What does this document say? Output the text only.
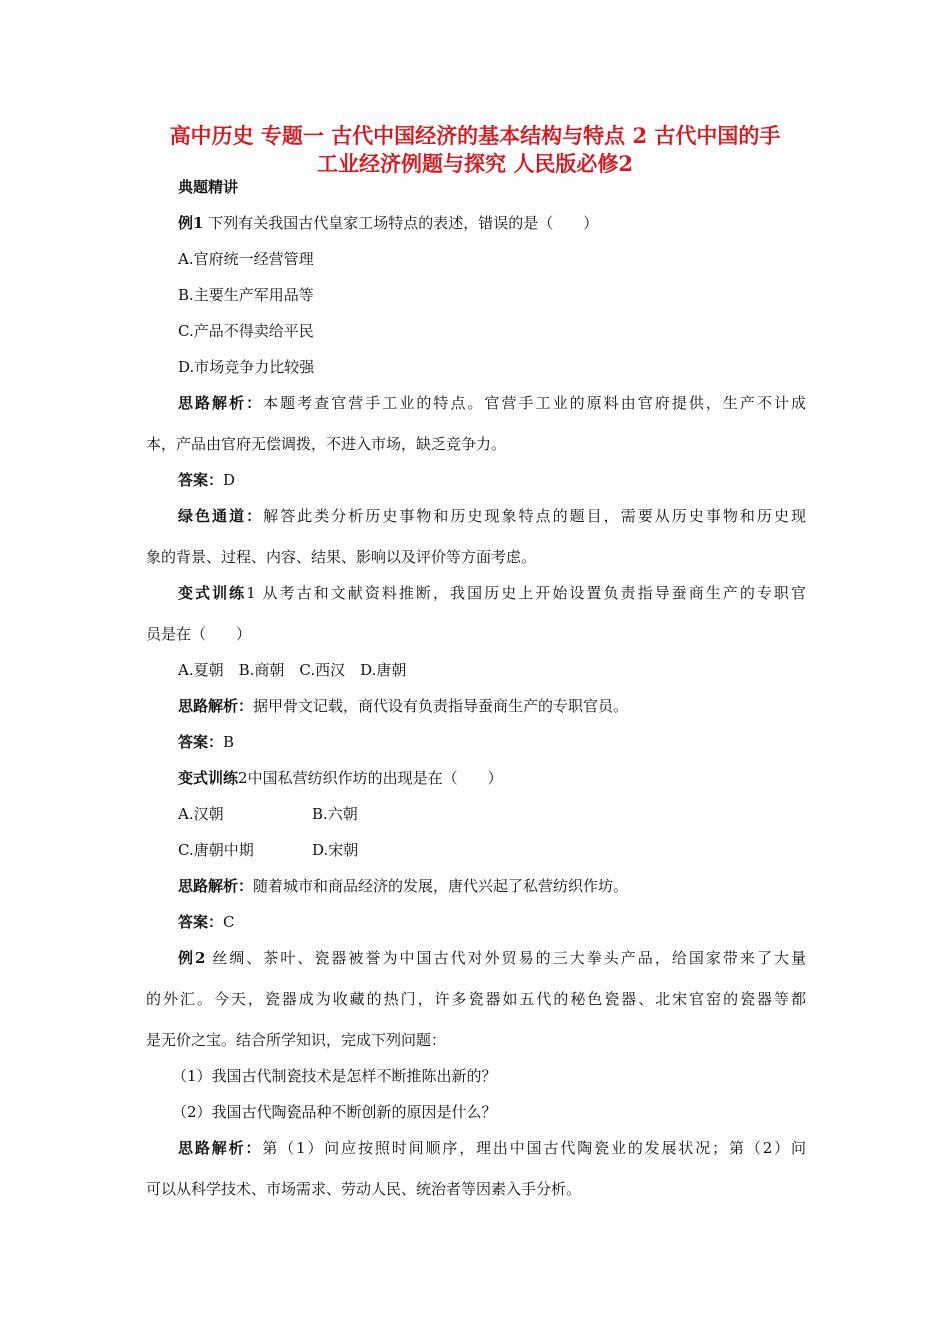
高中历史 专题一 古代中国经济的基本结构与特点 2 古代中国的手
工业经济例题与探究 人民版必修2
典题精讲
例1 下列有关我国古代皇家工场特点的表述，错误的是（　　）
A.官府统一经营管理
B.主要生产军用品等
C.产品不得卖给平民
D.市场竞争力比较强
思路解析：本题考查官营手工业的特点。官营手工业的原料由官府提供，生产不计成
本，产品由官府无偿调拨，不进入市场，缺乏竞争力。
答案：D
绿色通道：解答此类分析历史事物和历史现象特点的题目，需要从历史事物和历史现
象的背景、过程、内容、结果、影响以及评价等方面考虑。
变式训练1 从考古和文献资料推断，我国历史上开始设置负责指导蚕商生产的专职官
员是在（　　）
A.夏朝　B.商朝　C.西汉　D.唐朝
思路解析：据甲骨文记载，商代设有负责指导蚕商生产的专职官员。
答案：B
变式训练2中国私营纺织作坊的出现是在（　　）
A.汉朝	B.六朝
C.唐朝中期	D.宋朝
思路解析：随着城市和商品经济的发展，唐代兴起了私营纺织作坊。
答案：C
例2 丝绸、茶叶、瓷器被誉为中国古代对外贸易的三大拳头产品，给国家带来了大量
的外汇。今天，瓷器成为收藏的热门，许多瓷器如五代的秘色瓷器、北宋官窑的瓷器等都
是无价之宝。结合所学知识，完成下列问题：
（1）我国古代制瓷技术是怎样不断推陈出新的？
（2）我国古代陶瓷品种不断创新的原因是什么？
思路解析：第（1）问应按照时间顺序，理出中国古代陶瓷业的发展状况；第（2）问
可以从科学技术、市场需求、劳动人民、统治者等因素入手分析。
